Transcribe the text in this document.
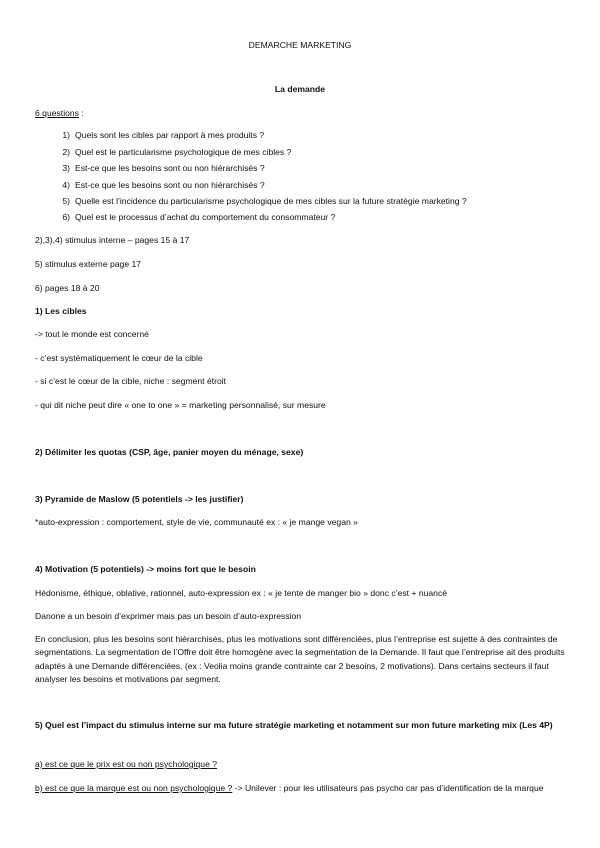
DEMARCHE MARKETING
La demande
6 questions :
1) Quels sont les cibles par rapport à mes produits ?
2) Quel est le particularisme psychologique de mes cibles ?
3) Est-ce que les besoins sont ou non hiérarchisés ?
4) Est-ce que les besoins sont ou non hiérarchisés ?
5) Quelle est l’incidence du particularisme psychologique de mes cibles sur la future stratégie marketing ?
6) Quel est le processus d’achat du comportement du consommateur ?
2),3),4) stimulus interne – pages 15 à 17
5) stimulus externe page 17
6) pages 18 à 20
1) Les cibles
-> tout le monde est concerné
- c’est systématiquement le cœur de la cible
- si c’est le cœur de la cible, niche : segment étroit
- qui dit niche peut dire « one to one » = marketing personnalisé, sur mesure
2) Délimiter les quotas (CSP, âge, panier moyen du ménage, sexe)
3) Pyramide de Maslow (5 potentiels -> les justifier)
*auto-expression : comportement, style de vie, communauté ex : « je mange vegan »
4) Motivation (5 potentiels) -> moins fort que le besoin
Hédonisme, éthique, oblative, rationnel, auto-expression ex : « je tente de manger bio » donc c’est + nuancé
Danone a un besoin d’exprimer mais pas un besoin d’auto-expression
En conclusion, plus les besoins sont hiérarchisés, plus les motivations sont différenciées, plus l’entreprise est sujette à des contraintes de segmentations. La segmentation de l’Offre doit être homogène avec la segmentation de la Demande. Il faut que l’entreprise ait des produits adaptés à une Demande différenciées. (ex : Veolia moins grande contrainte car 2 besoins, 2 motivations). Dans certains secteurs il faut analyser les besoins et motivations par segment.
5) Quel est l’impact du stimulus interne sur ma future stratégie marketing et notamment sur mon future marketing mix (Les 4P)
a) est ce que le prix est ou non psychologique ?
b) est ce que la marque est ou non psychologique ? -> Unilever : pour les utilisateurs pas psycho car pas d’identification de la marque
